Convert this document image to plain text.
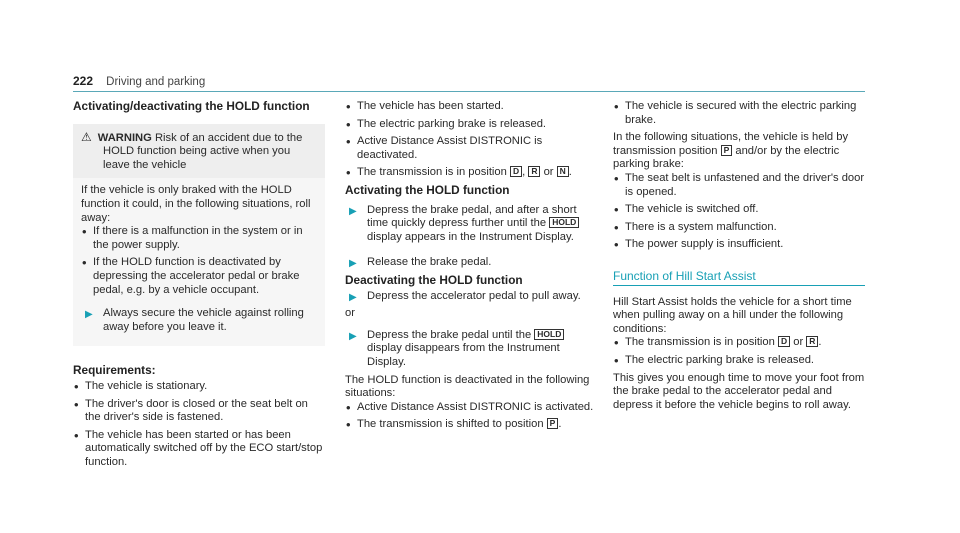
222 Driving and parking
Activating/deactivating the HOLD function
⚠ WARNING Risk of an accident due to the
HOLD function being active when you
leave the vehicle

If the vehicle is only braked with the HOLD function it could, in the following situations, roll away:

• If there is a malfunction in the system or in the power supply.
• If the HOLD function is deactivated by depressing the accelerator pedal or brake pedal, e.g. by a vehicle occupant.
▶ Always secure the vehicle against rolling away before you leave it.
Requirements:
• The vehicle is stationary.
• The driver's door is closed or the seat belt on the driver's side is fastened.
• The vehicle has been started or has been automatically switched off by the ECO start/stop function.
• The vehicle has been started.
• The electric parking brake is released.
• Active Distance Assist DISTRONIC is deactivated.
• The transmission is in position D , R or N .
Activating the HOLD function
▶ Depress the brake pedal, and after a short time quickly depress further until the HOLD display appears in the Instrument Display.
▶ Release the brake pedal.
Deactivating the HOLD function
▶ Depress the accelerator pedal to pull away.

or

▶ Depress the brake pedal until the HOLD display disappears from the Instrument Display.

The HOLD function is deactivated in the following situations:

• Active Distance Assist DISTRONIC is activated.
• The transmission is shifted to position P .
• The vehicle is secured with the electric parking brake.

In the following situations, the vehicle is held by transmission position P and/or by the electric parking brake:

• The seat belt is unfastened and the driver's door is opened.
• The vehicle is switched off.
• There is a system malfunction.
• The power supply is insufficient.
Function of Hill Start Assist

Hill Start Assist holds the vehicle for a short time when pulling away on a hill under the following conditions:

• The transmission is in position D or R .
• The electric parking brake is released.

This gives you enough time to move your foot from the brake pedal to the accelerator pedal and depress it before the vehicle begins to roll away.
